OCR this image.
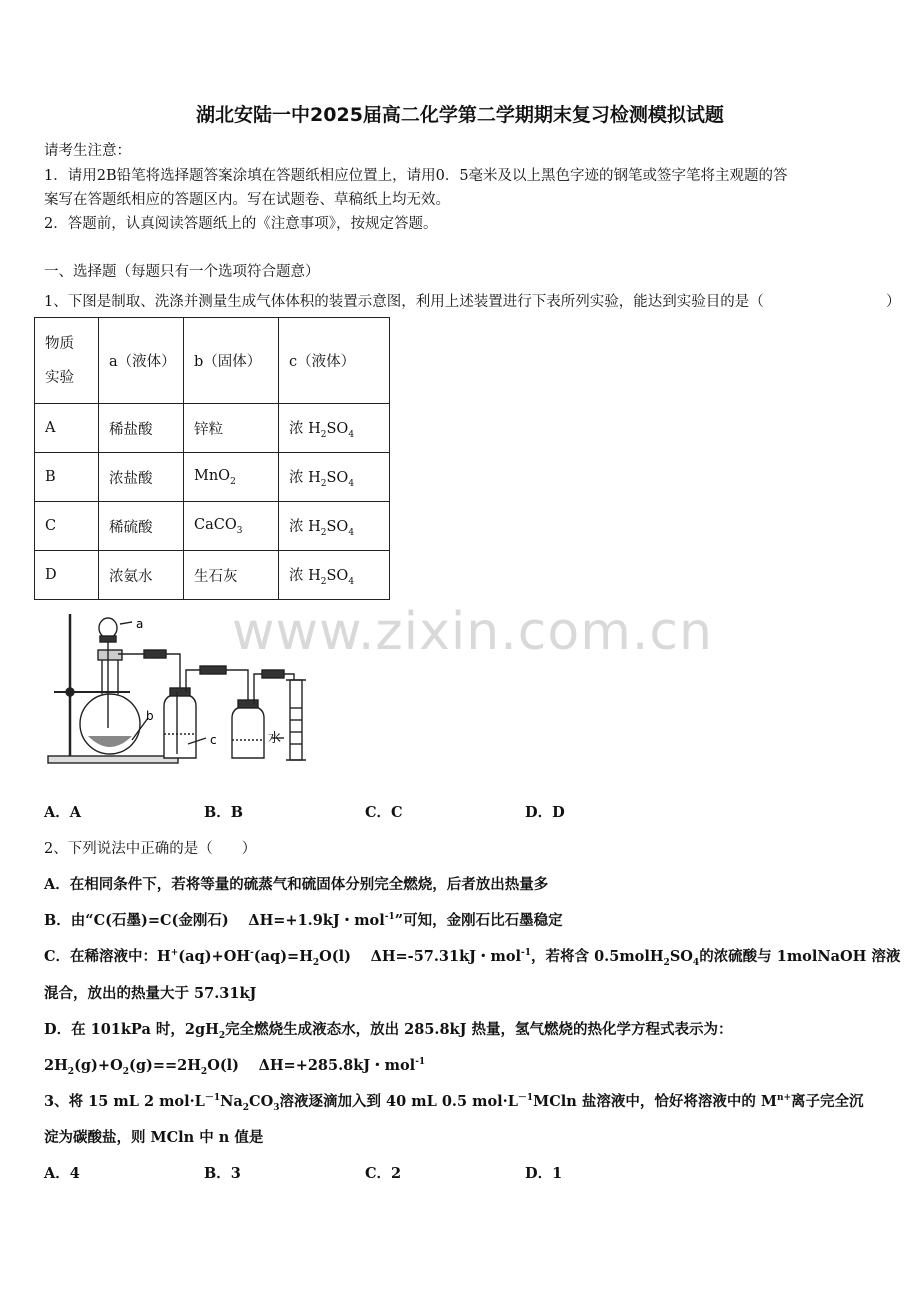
湖北安陆一中2025届高二化学第二学期期末复习检测模拟试题
请考生注意：
1．请用2B铅笔将选择题答案涂填在答题纸相应位置上，请用0．5毫米及以上黑色字迹的钢笔或签字笔将主观题的答
案写在答题纸相应的答题区内。写在试题卷、草稿纸上均无效。
2．答题前，认真阅读答题纸上的《注意事项》，按规定答题。
一、选择题（每题只有一个选项符合题意）
1、下图是制取、洗涤并测量生成气体体积的装置示意图，利用上述装置进行下表所列实验，能达到实验目的是（	）
物质
实验	a（液体）	b（固体）	c（液体）
A	稀盐酸	锌粒	浓 $H_2SO_4$
B	浓盐酸	MnO$_2$	浓 $H_2SO_4$
C	稀硫酸	CaCO$_3$	浓 $H_2SO_4$
D	浓氨水	生石灰	浓 $H_2SO_4$
a
b
c	水
www.zixin.com.cn
A．A	B．B	C．C	D．D
2、下列说法中正确的是（　　）
A．在相同条件下，若将等量的硫蒸气和硫固体分别完全燃烧，后者放出热量多
B．由“C(石墨)=C(金刚石)　 ΔH=+1.9kJ・mol$^{-1}$”可知，金刚石比石墨稳定
C．在稀溶液中：$H^+(aq)+OH^-(aq)=H_2O(l)$　 ΔH=-57.31kJ・mol$^{-1}$，若将含 $0.5molH_2SO_4$的浓硫酸与 1molNaOH 溶液
混合，放出的热量大于 57.31kJ
D．在 101kPa 时，$2gH_2$完全燃烧生成液态水，放出 285.8kJ 热量，氢气燃烧的热化学方程式表示为：
$2H_2(g)+O_2(g)==2H_2O(l)$　 ΔH=+285.8kJ・mol$^{-1}$
3、将 15 mL 2 $mol\cdot L^{-1}Na_2CO_3$溶液逐滴加入到 40 mL 0.5 $mol\cdot L^{-1}MCln$ 盐溶液中，恰好将溶液中的 $M^{n+}$离子完全沉
淀为碳酸盐，则 MCln 中 n 值是
A．4	B．3	C．2	D．1
